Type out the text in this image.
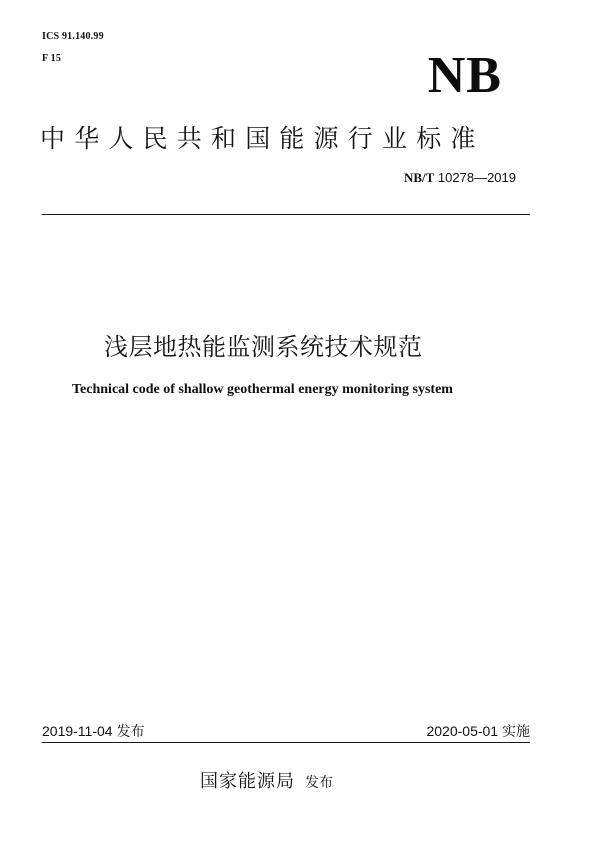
ICS 91.140.99
F 15	NB
中华人民共和国能源行业标准
NB/T 10278—2019
浅层地热能监测系统技术规范
Technical code of shallow geothermal energy monitoring system
2019-11-04 发布	2020-05-01 实施
国家能源局 发布
